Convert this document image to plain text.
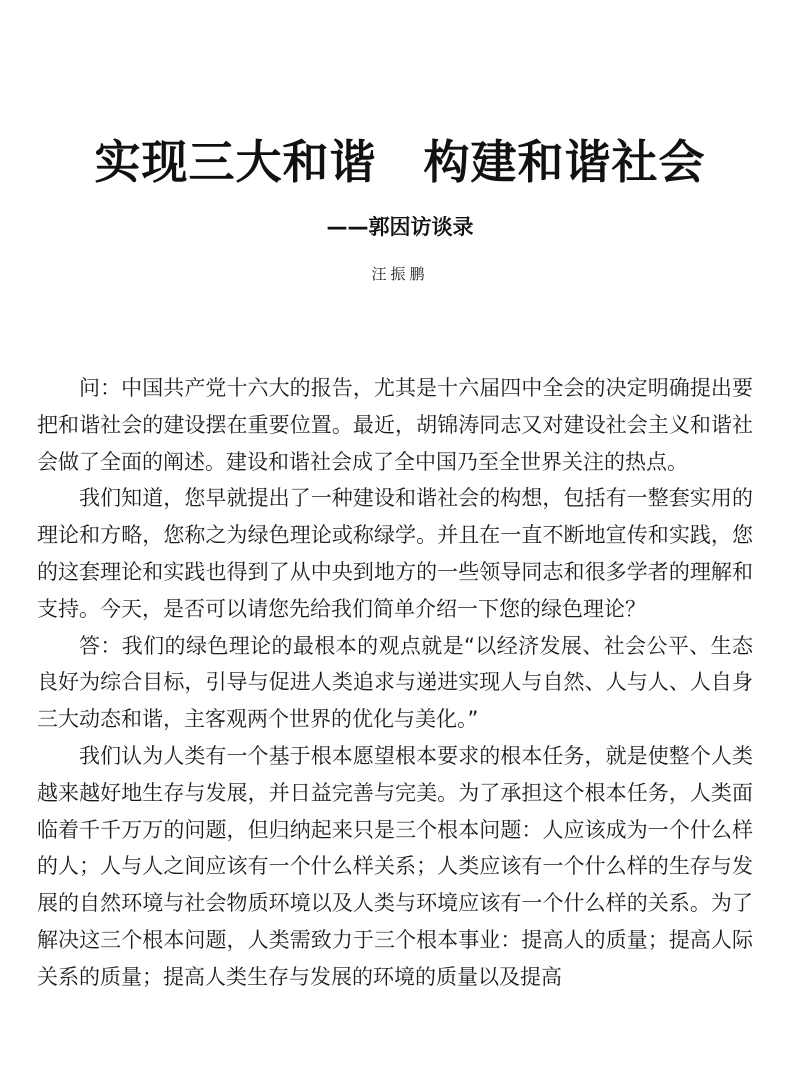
实现三大和谐　构建和谐社会
——郭因访谈录
汪振鹏

问：中国共产党十六大的报告，尤其是十六届四中全会的决定明确提出要把和谐社会的建设摆在重要位置。最近，胡锦涛同志又对建设社会主义和谐社会做了全面的阐述。建设和谐社会成了全中国乃至全世界关注的热点。

我们知道，您早就提出了一种建设和谐社会的构想，包括有一整套实用的理论和方略，您称之为绿色理论或称绿学。并且在一直不断地宣传和实践，您的这套理论和实践也得到了从中央到地方的一些领导同志和很多学者的理解和支持。今天，是否可以请您先给我们简单介绍一下您的绿色理论？

答：我们的绿色理论的最根本的观点就是“以经济发展、社会公平、生态良好为综合目标，引导与促进人类追求与递进实现人与自然、人与人、人自身三大动态和谐，主客观两个世界的优化与美化。”

我们认为人类有一个基于根本愿望根本要求的根本任务，就是使整个人类越来越好地生存与发展，并日益完善与完美。为了承担这个根本任务，人类面临着千千万万的问题，但归纳起来只是三个根本问题：人应该成为一个什么样的人；人与人之间应该有一个什么样关系；人类应该有一个什么样的生存与发展的自然环境与社会物质环境以及人类与环境应该有一个什么样的关系。为了解决这三个根本问题，人类需致力于三个根本事业：提高人的质量；提高人际关系的质量；提高人类生存与发展的环境的质量以及提高
